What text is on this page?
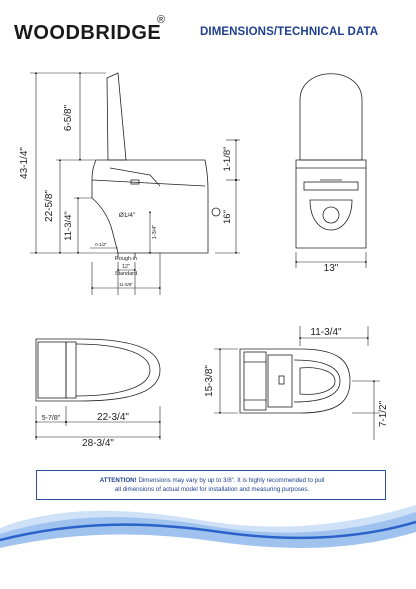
WOODBRIDGE
®
DIMENSIONS/TECHNICAL DATA
43-1/4"
6-5/8"
22-5/8"
11-3/4"
1-1/8"
16"
Ø1/4"
1-3/4"
0-1/2"
Rough-in
12"
Standard
11-5/8"
13"
5-7/8"	22-3/4"
28-3/4"
11-3/4"
15-3/8"
7-1/2"
ATTENTION! Dimensions may vary by up to 3/8". It is highly recommended to pull
all dimensions of actual model for installation and measuring purposes.
